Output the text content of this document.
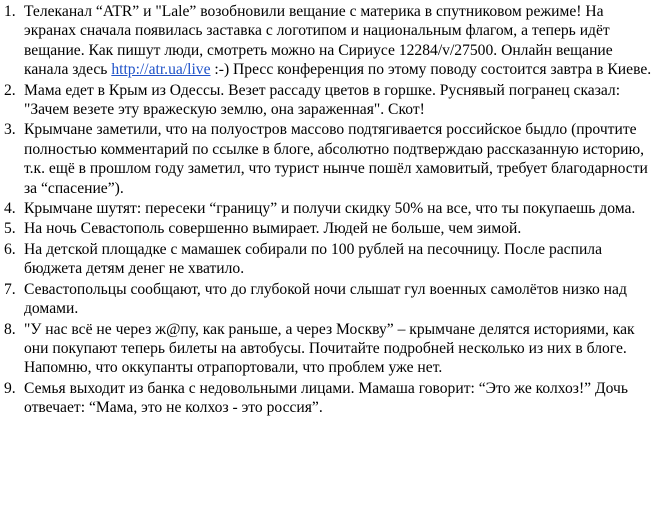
1. Телеканал “ATR” и "Lale” возобновили вещание с материка в спутниковом режиме! На экранах сначала появилась заставка с логотипом и национальным флагом, а теперь идёт вещание. Как пишут люди, смотреть можно на Сириусе 12284/v/27500. Онлайн вещание канала здесь http://atr.ua/live :-) Пресс конференция по этому поводу состоится завтра в Киеве.
2. Мама едет в Крым из Одессы. Везет рассаду цветов в горшке. Руснявый погранец сказал: "Зачем везете эту вражескую землю, она зараженная". Скот!
3. Крымчане заметили, что на полуостров массово подтягивается российское быдло (прочтите полностью комментарий по ссылке в блоге, абсолютно подтверждаю рассказанную историю, т.к. ещё в прошлом году заметил, что турист нынче пошёл хамовитый, требует благодарности за “спасение”).
4. Крымчане шутят: пересеки “границу” и получи скидку 50% на все, что ты покупаешь дома.
5. На ночь Севастополь совершенно вымирает. Людей не больше, чем зимой.
6. На детской площадке с мамашек собирали по 100 рублей на песочницу. После распила бюджета детям денег не хватило.
7. Севастопольцы сообщают, что до глубокой ночи слышат гул военных самолётов низко над домами.
8. "У нас всё не через ж@пу, как раньше, а через Москву” – крымчане делятся историями, как они покупают теперь билеты на автобусы. Почитайте подробней несколько из них в блоге. Напомню, что оккупанты отрапортовали, что проблем уже нет.
9. Семья выходит из банка с недовольными лицами. Мамаша говорит: “Это же колхоз!” Дочь отвечает: “Мама, это не колхоз - это россия”.
